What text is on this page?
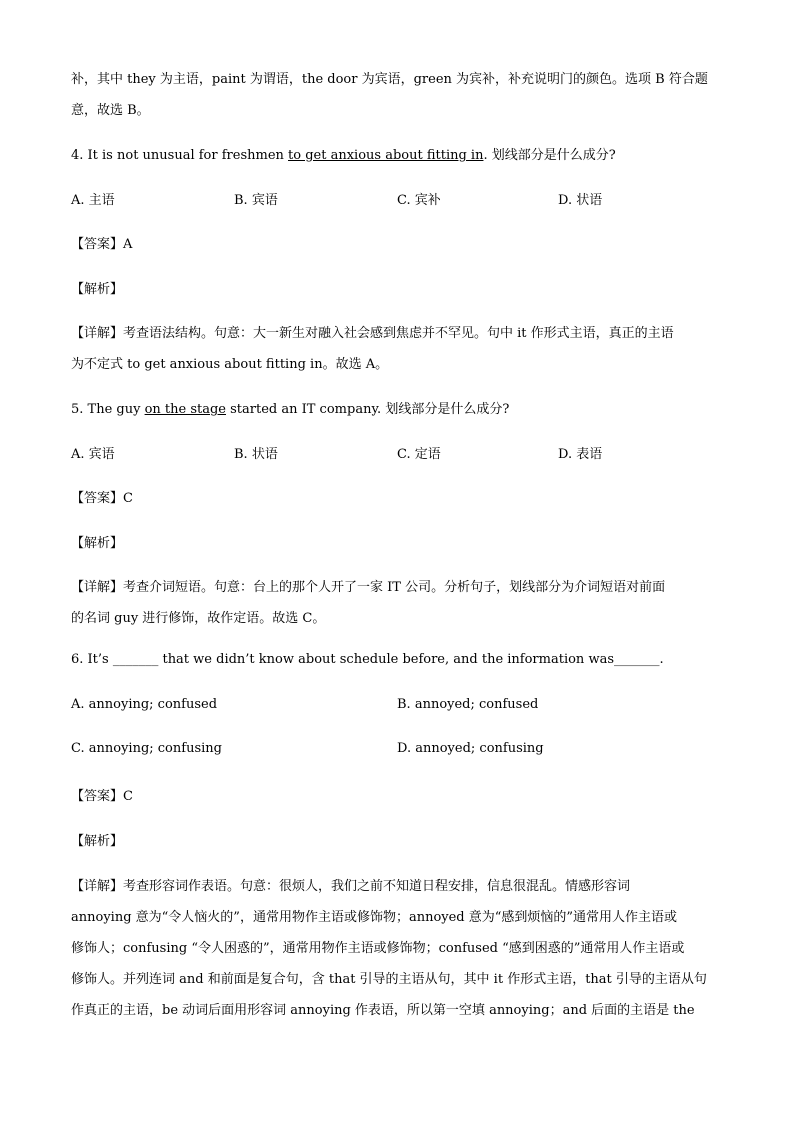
补，其中 they 为主语，paint 为谓语，the door 为宾语，green 为宾补，补充说明门的颜色。选项 B 符合题
意，故选 B。
4. It is not unusual for freshmen to get anxious about fitting in. 划线部分是什么成分?
A. 主语	B. 宾语	C. 宾补	D. 状语
【答案】A
【解析】
【详解】考查语法结构。句意：大一新生对融入社会感到焦虑并不罕见。句中 it 作形式主语，真正的主语
为不定式 to get anxious about fitting in。故选 A。
5. The guy on the stage started an IT company. 划线部分是什么成分?
A. 宾语	B. 状语	C. 定语	D. 表语
【答案】C
【解析】
【详解】考查介词短语。句意：台上的那个人开了一家 IT 公司。分析句子，划线部分为介词短语对前面
的名词 guy 进行修饰，故作定语。故选 C。
6. It’s _______ that we didn’t know about schedule before, and the information was_______.
A. annoying; confused	B. annoyed; confused
C. annoying; confusing	D. annoyed; confusing
【答案】C
【解析】
【详解】考查形容词作表语。句意：很烦人，我们之前不知道日程安排，信息很混乱。情感形容词
annoying 意为“令人恼火的”，通常用物作主语或修饰物；annoyed 意为“感到烦恼的”通常用人作主语或
修饰人；confusing “令人困惑的”，通常用物作主语或修饰物；confused “感到困惑的”通常用人作主语或
修饰人。并列连词 and 和前面是复合句，含 that 引导的主语从句，其中 it 作形式主语，that 引导的主语从句
作真正的主语，be 动词后面用形容词 annoying 作表语，所以第一空填 annoying；and 后面的主语是 the
